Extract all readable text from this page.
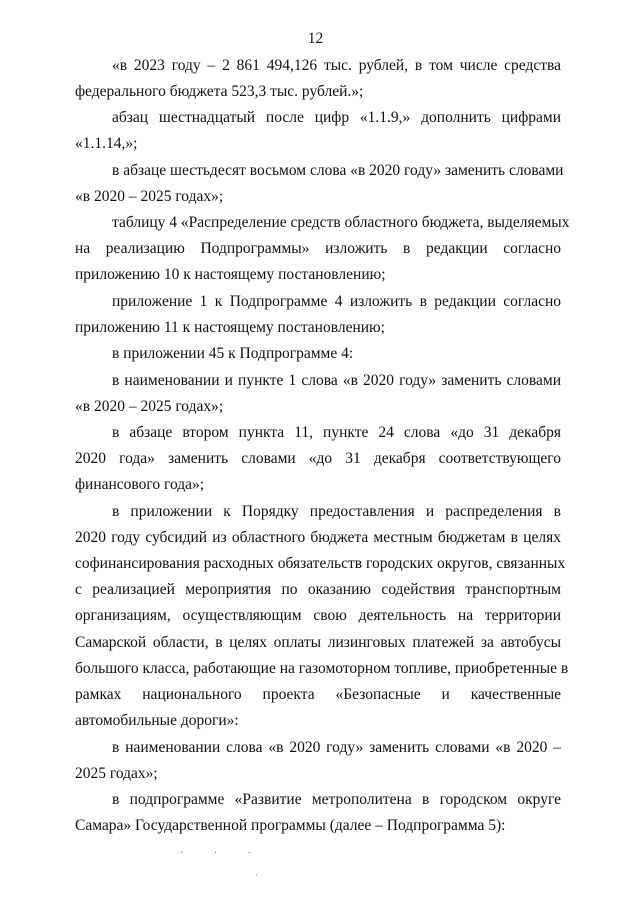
12
«в 2023 году – 2 861 494,126 тыс. рублей, в том числе средства
федерального бюджета 523,3 тыс. рублей.»;
абзац шестнадцатый после цифр «1.1.9,» дополнить цифрами
«1.1.14,»;
в абзаце шестьдесят восьмом слова «в 2020 году» заменить словами
«в 2020 – 2025 годах»;
таблицу 4 «Распределение средств областного бюджета, выделяемых
на реализацию Подпрограммы» изложить в редакции согласно
приложению 10 к настоящему постановлению;
приложение 1 к Подпрограмме 4 изложить в редакции согласно
приложению 11 к настоящему постановлению;
в приложении 45 к Подпрограмме 4:
в наименовании и пункте 1 слова «в 2020 году» заменить словами
«в 2020 – 2025 годах»;
в абзаце втором пункта 11, пункте 24 слова «до 31 декабря
2020 года» заменить словами «до 31 декабря соответствующего
финансового года»;
в приложении к Порядку предоставления и распределения в
2020 году субсидий из областного бюджета местным бюджетам в целях
софинансирования расходных обязательств городских округов, связанных
с реализацией мероприятия по оказанию содействия транспортным
организациям, осуществляющим свою деятельность на территории
Самарской области, в целях оплаты лизинговых платежей за автобусы
большого класса, работающие на газомоторном топливе, приобретенные в
рамках национального проекта «Безопасные и качественные
автомобильные дороги»:
в наименовании слова «в 2020 году» заменить словами «в 2020 –
2025 годах»;
в подпрограмме «Развитие метрополитена в городском округе
Самара» Государственной программы (далее – Подпрограмма 5):
· · ·
·
